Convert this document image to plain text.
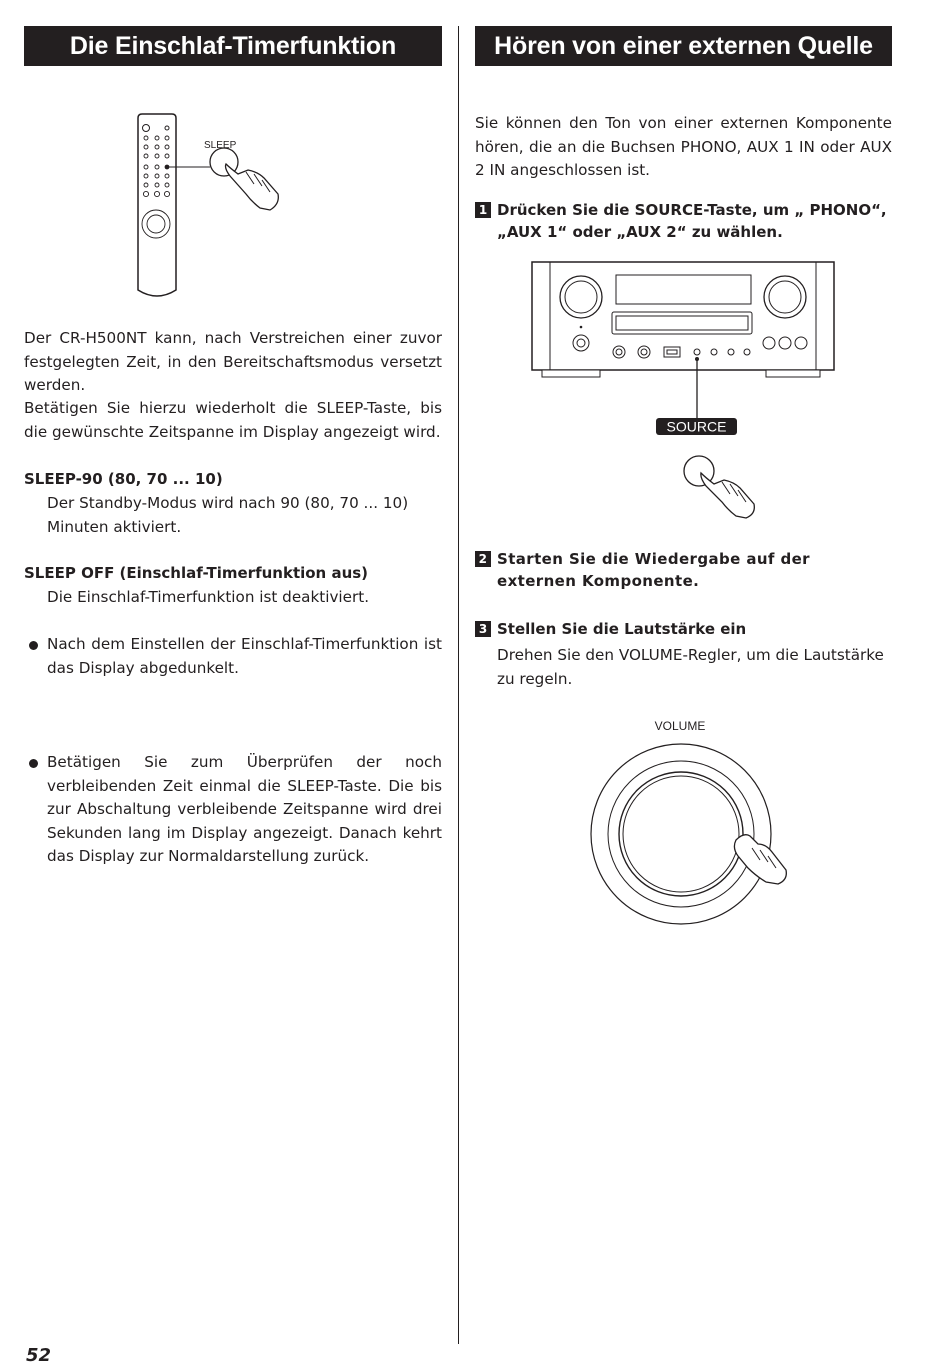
Die Einschlaf-Timerfunktion	Hören von einer externen Quelle
SLEEP

Der CR-H500NT kann, nach Verstreichen einer zuvor festgelegten Zeit, in den Bereitschaftsmodus versetzt werden.

Betätigen Sie hierzu wiederholt die SLEEP-Taste, bis die gewünschte Zeitspanne im Display angezeigt wird.

SLEEP-90 (80, 70 ... 10)

Der Standby-Modus wird nach 90 (80, 70 ... 10) Minuten aktiviert.

SLEEP OFF (Einschlaf-Timerfunktion aus)

Die Einschlaf-Timerfunktion ist deaktiviert.

Nach dem Einstellen der Einschlaf-Timerfunktion ist das Display abgedunkelt.
Betätigen Sie zum Überprüfen der noch verbleibenden Zeit einmal die SLEEP-Taste. Die bis zur Abschaltung verbleibende Zeitspanne wird drei Sekunden lang im Display angezeigt. Danach kehrt das Display zur Normaldarstellung zurück.

Sie können den Ton von einer externen Komponente hören, die an die Buchsen PHONO, AUX 1 IN oder AUX 2 IN angeschlossen ist.

1 Drücken Sie die SOURCE-Taste, um „ PHONO“, „AUX 1“ oder „AUX 2“ zu wählen.
2 Starten Sie die Wiedergabe auf der externen Komponente.
3 Stellen Sie die Lautstärke ein

Drehen Sie den VOLUME-Regler, um die Lautstärke zu regeln.

SOURCE
VOLUME
52
